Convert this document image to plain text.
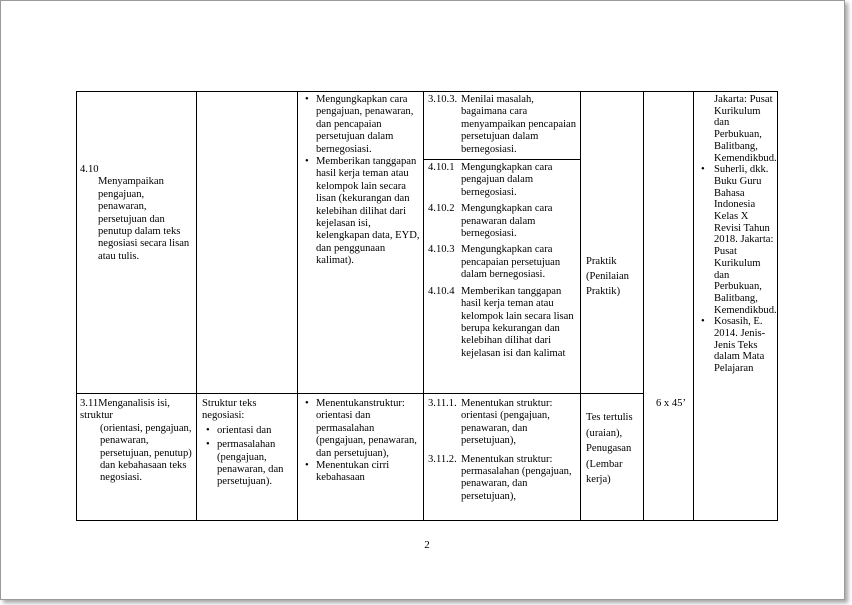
4.10
Menyampaikan pengajuan, penawaran, persetujuan dan penutup dalam teks negosiasi secara lisan atau tulis.
• Mengungkapkan cara pengajuan, penawaran, dan pencapaian persetujuan dalam bernegosiasi.
• Memberikan tanggapan hasil kerja teman atau kelompok lain secara lisan (kekurangan dan kelebihan dilihat dari kejelasan isi, kelengkapan data, EYD, dan penggunaan kalimat).
3.10.3. Menilai masalah, bagaimana cara menyampaikan pencapaian persetujuan dalam bernegosiasi.
4.10.1 Mengungkapkan cara pengajuan dalam bernegosiasi.
4.10.2 Mengungkapkan cara penawaran dalam bernegosiasi.
4.10.3 Mengungkapkan cara pencapaian persetujuan dalam bernegosiasi.
4.10.4 Memberikan tanggapan hasil kerja teman atau kelompok lain secara lisan berupa kekurangan dan kelebihan dilihat dari kejelasan isi dan kalimat
Praktik (Penilaian Praktik)
3.11Menganalisis isi, struktur
(orientasi, pengajuan, penawaran, persetujuan, penutup) dan kebahasaan teks negosiasi.
Struktur teks negosiasi:
• orientasi dan
• permasalahan (pengajuan, penawaran, dan persetujuan).
• Menentukanstruktur: orientasi dan permasalahan (pengajuan, penawaran, dan persetujuan),
• Menentukan cirri kebahasaan
3.11.1. Menentukan struktur: orientasi (pengajuan, penawaran, dan persetujuan),
3.11.2. Menentukan struktur: permasalahan (pengajuan, penawaran, dan persetujuan),
Tes tertulis (uraian), Penugasan (Lembar kerja)
6 x 45’
Jakarta: Pusat Kurikulum dan Perbukuan, Balitbang, Kemendikbud.
• Suherli, dkk. Buku Guru Bahasa Indonesia Kelas X Revisi Tahun 2018. Jakarta: Pusat Kurikulum dan Perbukuan, Balitbang, Kemendikbud.
• Kosasih, E. 2014. Jenis-Jenis Teks dalam Mata Pelajaran
2
